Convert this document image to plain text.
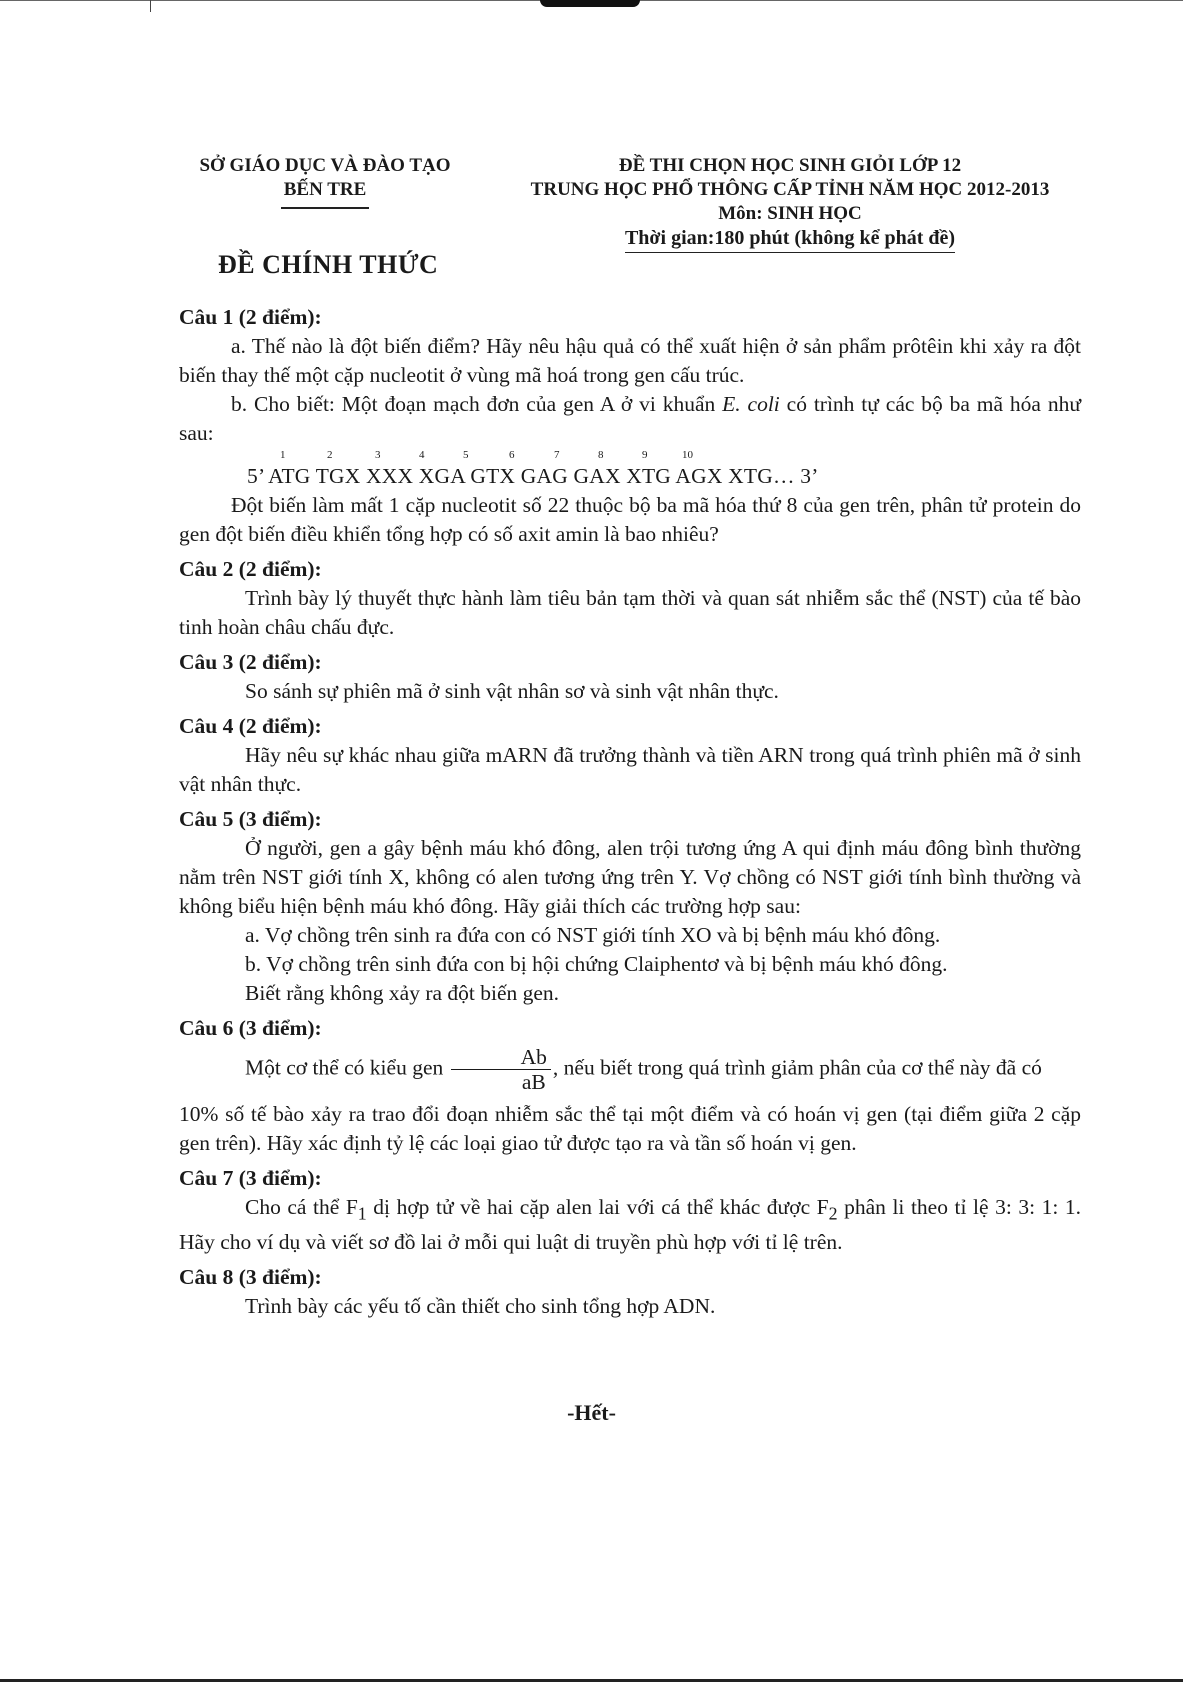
SỞ GIÁO DỤC VÀ ĐÀO TẠO
BẾN TRE
ĐỀ THI CHỌN HỌC SINH GIỎI LỚP 12
TRUNG HỌC PHỔ THÔNG CẤP TỈNH NĂM HỌC 2012-2013
Môn: SINH HỌC
Thời gian:180 phút (không kể phát đề)
ĐỀ CHÍNH THỨC
Câu 1 (2 điểm):

a. Thế nào là đột biến điểm? Hãy nêu hậu quả có thể xuất hiện ở sản phẩm prôtêin khi xảy ra đột biến thay thế một cặp nucleotit ở vùng mã hoá trong gen cấu trúc.

b. Cho biết: Một đoạn mạch đơn của gen A ở vi khuẩn E. coli có trình tự các bộ ba mã hóa như sau:

1	2	3	4	5	6	7	8	9	10
5’ ATG TGX XXX XGA GTX GAG GAX XTG AGX XTG… 3’

Đột biến làm mất 1 cặp nucleotit số 22 thuộc bộ ba mã hóa thứ 8 của gen trên, phân tử protein do gen đột biến điều khiển tổng hợp có số axit amin là bao nhiêu?

Câu 2 (2 điểm):

Trình bày lý thuyết thực hành làm tiêu bản tạm thời và quan sát nhiễm sắc thể (NST) của tế bào tinh hoàn châu chấu đực.

Câu 3 (2 điểm):

So sánh sự phiên mã ở sinh vật nhân sơ và sinh vật nhân thực.

Câu 4 (2 điểm):

Hãy nêu sự khác nhau giữa mARN đã trưởng thành và tiền ARN trong quá trình phiên mã ở sinh vật nhân thực.

Câu 5 (3 điểm):

Ở người, gen a gây bệnh máu khó đông, alen trội tương ứng A qui định máu đông bình thường nằm trên NST giới tính X, không có alen tương ứng trên Y. Vợ chồng có NST giới tính bình thường và không biểu hiện bệnh máu khó đông. Hãy giải thích các trường hợp sau:

a. Vợ chồng trên sinh ra đứa con có NST giới tính XO và bị bệnh máu khó đông.

b. Vợ chồng trên sinh đứa con bị hội chứng Claiphentơ và bị bệnh máu khó đông.

Biết rằng không xảy ra đột biến gen.

Câu 6 (3 điểm):

Một cơ thể có kiểu gen $\frac{Ab}{aB}$ , nếu biết trong quá trình giảm phân của cơ thể này đã có

10% số tế bào xảy ra trao đổi đoạn nhiễm sắc thể tại một điểm và có hoán vị gen (tại điểm giữa 2 cặp gen trên). Hãy xác định tỷ lệ các loại giao tử được tạo ra và tần số hoán vị gen.

Câu 7 (3 điểm):

Cho cá thể $F_1$ dị hợp tử về hai cặp alen lai với cá thể khác được $F_2$ phân li theo tỉ lệ 3: 3: 1: 1. Hãy cho ví dụ và viết sơ đồ lai ở mỗi qui luật di truyền phù hợp với tỉ lệ trên.

Câu 8 (3 điểm):

Trình bày các yếu tố cần thiết cho sinh tổng hợp ADN.

-Hết-
